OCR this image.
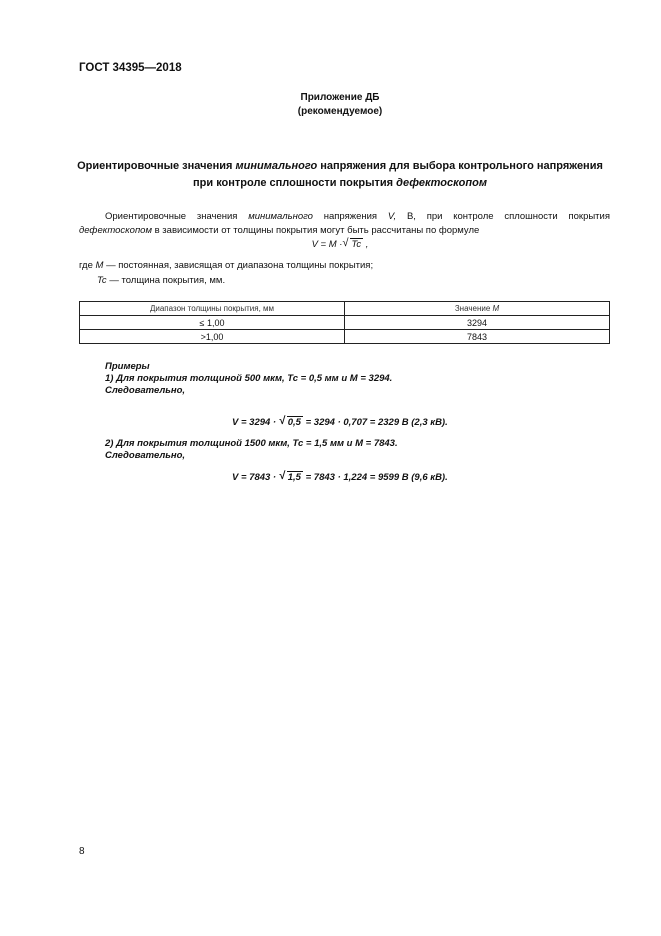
ГОСТ 34395—2018
Приложение ДБ
(рекомендуемое)
Ориентировочные значения минимального напряжения для выбора контрольного напряжения
при контроле сплошности покрытия дефектоскопом
Ориентировочные значения минимального напряжения V, В, при контроле сплошности покрытия дефектоскопом в зависимости от толщины покрытия могут быть рассчитаны по формуле
V = M · √ Tc ,
где M — постоянная, зависящая от диапазона толщины покрытия;
Tc — толщина покрытия, мм.
Диапазон толщины покрытия, мм	Значение M
≤ 1,00	3294
>1,00	7843
Примеры
1) Для покрытия толщиной 500 мкм, Tc = 0,5 мм и M = 3294.
Следовательно,
V = 3294 · √ 0,5 = 3294 · 0,707 = 2329 В (2,3 кВ).
2) Для покрытия толщиной 1500 мкм, Tc = 1,5 мм и M = 7843.
Следовательно,
V = 7843 · √ 1,5 = 7843 · 1,224 = 9599 В (9,6 кВ).
8
